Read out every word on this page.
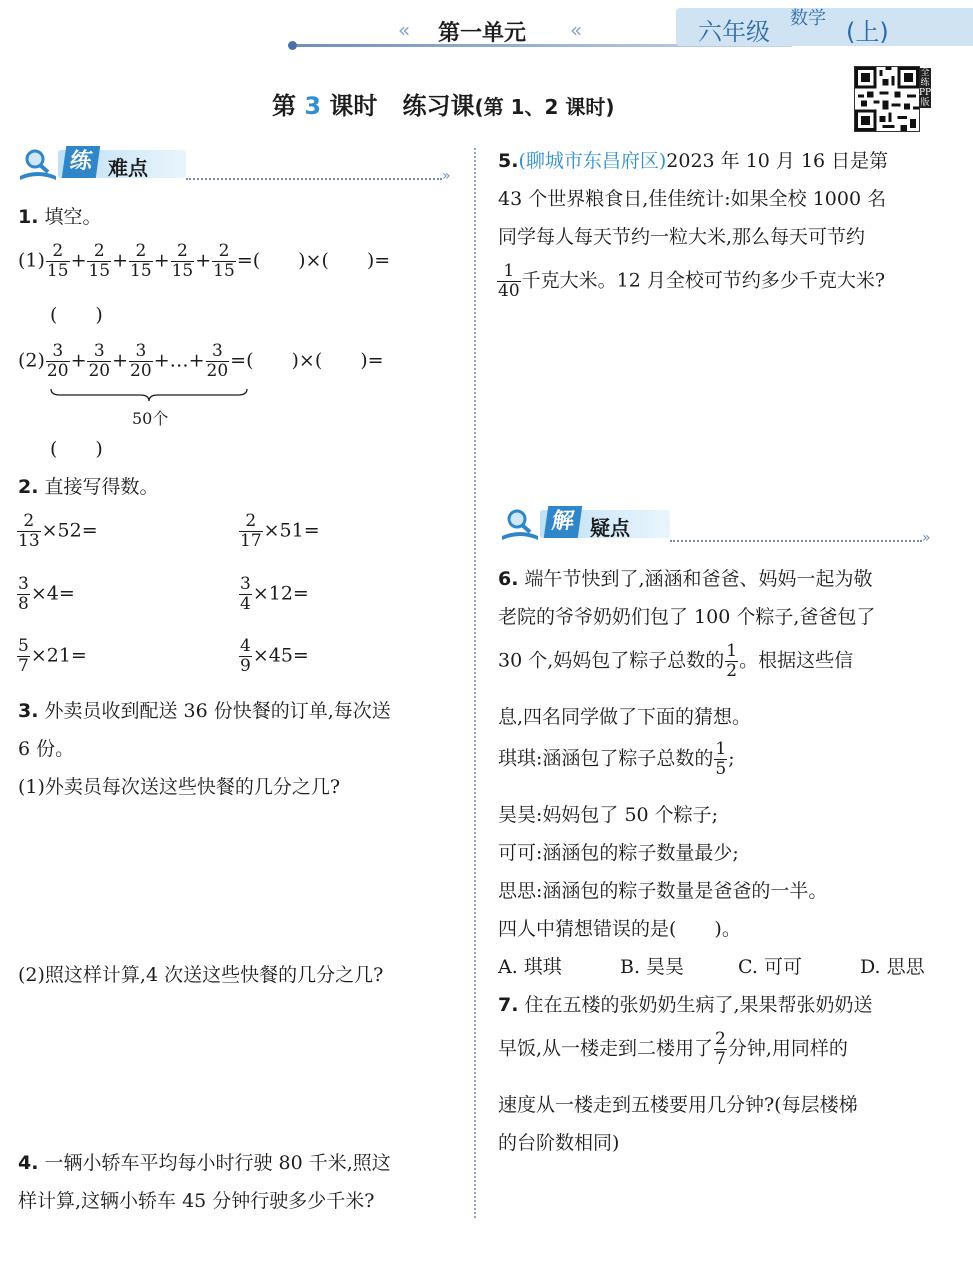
« 第一单元 «	六年级 数学 (上)
第 3 课时 练习课(第 1、2 课时)
全练PPT版
练 难点	»
1. 填空。
$(1) \frac{2}{15} + \frac{2}{15} + \frac{2}{15} + \frac{2}{15} + \frac{2}{15}$ =(　　)×(　　)=
(　　)
$(2) \frac{3}{20} + \frac{3}{20} + \frac{3}{20}$ +…+ $\frac{3}{20}$ =(　　)×(　　)=
50个
(　　)
2. 直接写得数。
$\frac{2}{13} \times 52=$	$\frac{2}{17} \times 51=$
$\frac{3}{8} \times 4=$	$\frac{3}{4} \times 12=$
$\frac{5}{7} \times 21=$	$\frac{4}{9} \times 45=$
3. 外卖员收到配送 36 份快餐的订单,每次送
6 份。
(1)外卖员每次送这些快餐的几分之几?
(2)照这样计算,4 次送这些快餐的几分之几?
4. 一辆小轿车平均每小时行驶 80 千米,照这
样计算,这辆小轿车 45 分钟行驶多少千米?
5.(聊城市东昌府区)2023 年 10 月 16 日是第
43 个世界粮食日,佳佳统计:如果全校 1000 名
同学每人每天节约一粒大米,那么每天可节约
$\frac{1}{40}$ 千克大米。12 月全校可节约多少千克大米?
解 疑点	»
6. 端午节快到了,涵涵和爸爸、妈妈一起为敬
老院的爷爷奶奶们包了 100 个粽子,爸爸包了
30 个,妈妈包了粽子总数的 $\frac{1}{2}$ 。根据这些信
息,四名同学做了下面的猜想。
琪琪:涵涵包了粽子总数的 $\frac{1}{5}$ ;
昊昊:妈妈包了 50 个粽子;
可可:涵涵包的粽子数量最少;
思思:涵涵包的粽子数量是爸爸的一半。
四人中猜想错误的是(　　)。
A. 琪琪	B. 昊昊	C. 可可	D. 思思
7. 住在五楼的张奶奶生病了,果果帮张奶奶送
早饭,从一楼走到二楼用了 $\frac{2}{7}$ 分钟,用同样的
速度从一楼走到五楼要用几分钟?(每层楼梯
的台阶数相同)
